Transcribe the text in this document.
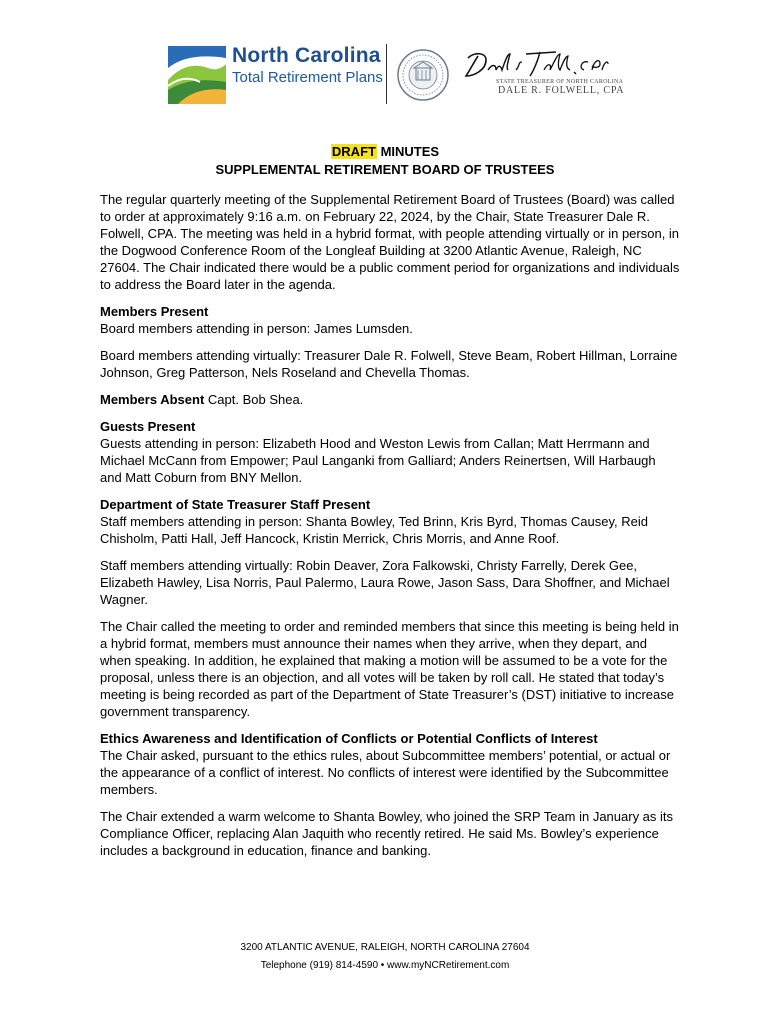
North Carolina
Total Retirement Plans	STATE TREASURER OF NORTH CAROLINA
DALE R. FOLWELL, CPA
DRAFT MINUTES
SUPPLEMENTAL RETIREMENT BOARD OF TRUSTEES

The regular quarterly meeting of the Supplemental Retirement Board of Trustees (Board) was called to order at approximately 9:16 a.m. on February 22, 2024, by the Chair, State Treasurer Dale R. Folwell, CPA. The meeting was held in a hybrid format, with people attending virtually or in person, in the Dogwood Conference Room of the Longleaf Building at 3200 Atlantic Avenue, Raleigh, NC 27604. The Chair indicated there would be a public comment period for organizations and individuals to address the Board later in the agenda.

Members Present

Board members attending in person: James Lumsden.

Board members attending virtually: Treasurer Dale R. Folwell, Steve Beam, Robert Hillman, Lorraine Johnson, Greg Patterson, Nels Roseland and Chevella Thomas.

Members Absent Capt. Bob Shea.

Guests Present

Guests attending in person: Elizabeth Hood and Weston Lewis from Callan; Matt Herrmann and Michael McCann from Empower; Paul Langanki from Galliard; Anders Reinertsen, Will Harbaugh and Matt Coburn from BNY Mellon.

Department of State Treasurer Staff Present

Staff members attending in person: Shanta Bowley, Ted Brinn, Kris Byrd, Thomas Causey, Reid Chisholm, Patti Hall, Jeff Hancock, Kristin Merrick, Chris Morris, and Anne Roof.

Staff members attending virtually: Robin Deaver, Zora Falkowski, Christy Farrelly, Derek Gee, Elizabeth Hawley, Lisa Norris, Paul Palermo, Laura Rowe, Jason Sass, Dara Shoffner, and Michael Wagner.

The Chair called the meeting to order and reminded members that since this meeting is being held in a hybrid format, members must announce their names when they arrive, when they depart, and when speaking. In addition, he explained that making a motion will be assumed to be a vote for the proposal, unless there is an objection, and all votes will be taken by roll call. He stated that today’s meeting is being recorded as part of the Department of State Treasurer’s (DST) initiative to increase government transparency.

Ethics Awareness and Identification of Conflicts or Potential Conflicts of Interest

The Chair asked, pursuant to the ethics rules, about Subcommittee members’ potential, or actual or the appearance of a conflict of interest. No conflicts of interest were identified by the Subcommittee members.

The Chair extended a warm welcome to Shanta Bowley, who joined the SRP Team in January as its Compliance Officer, replacing Alan Jaquith who recently retired. He said Ms. Bowley’s experience includes a background in education, finance and banking.

3200 ATLANTIC AVENUE, RALEIGH, NORTH CAROLINA 27604
Telephone (919) 814-4590 • www.myNCRetirement.com
